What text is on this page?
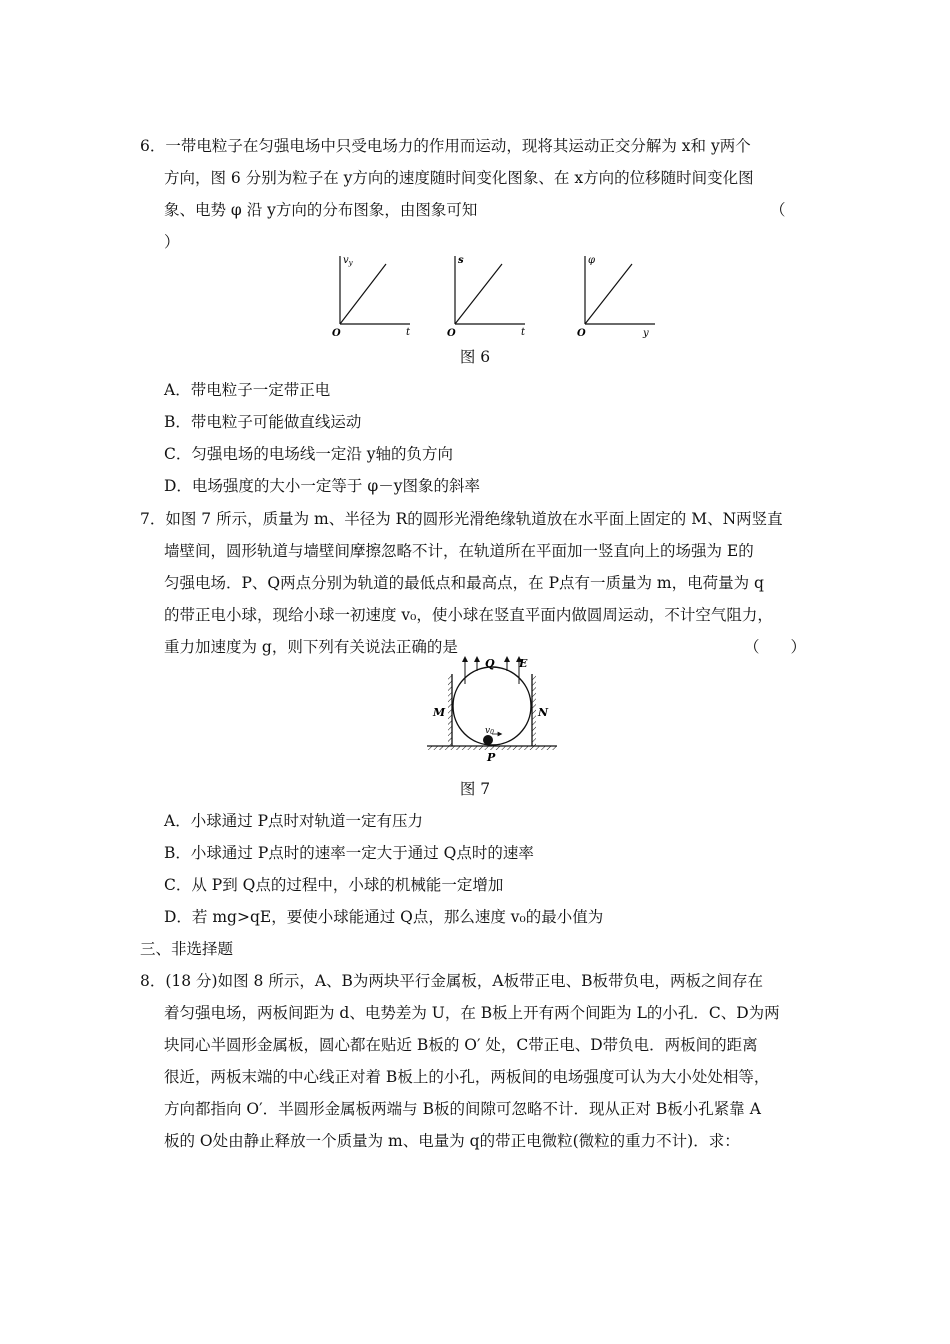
6．一带电粒子在匀强电场中只受电场力的作用而运动，现将其运动正交分解为 x和 y两个
方向，图 6 分别为粒子在 y方向的速度随时间变化图象、在 x方向的位移随时间变化图
象、电势 φ 沿 y方向的分布图象，由图象可知	（
）
$v_y$
t
O
s
t
O
φ
y
O
图 6
A．带电粒子一定带正电
B．带电粒子可能做直线运动
C．匀强电场的电场线一定沿 y轴的负方向
D．电场强度的大小一定等于 φ－y图象的斜率
7．如图 7 所示，质量为 m、半径为 R的圆形光滑绝缘轨道放在水平面上固定的 M、N两竖直
墙壁间，圆形轨道与墙壁间摩擦忽略不计，在轨道所在平面加一竖直向上的场强为 E的
匀强电场．P、Q两点分别为轨道的最低点和最高点，在 P点有一质量为 m，电荷量为 q
的带正电小球，现给小球一初速度 v₀，使小球在竖直平面内做圆周运动，不计空气阻力，
重力加速度为 g，则下列有关说法正确的是	（　　）
Q E
M	N
P
v0
图 7
A．小球通过 P点时对轨道一定有压力
B．小球通过 P点时的速率一定大于通过 Q点时的速率
C．从 P到 Q点的过程中，小球的机械能一定增加
D．若 mg>qE，要使小球能通过 Q点，那么速度 v₀的最小值为
三、非选择题
8．(18 分)如图 8 所示，A、B为两块平行金属板，A板带正电、B板带负电，两板之间存在
着匀强电场，两板间距为 d、电势差为 U，在 B板上开有两个间距为 L的小孔．C、D为两
块同心半圆形金属板，圆心都在贴近 B板的 O′ 处，C带正电、D带负电．两板间的距离
很近，两板末端的中心线正对着 B板上的小孔，两板间的电场强度可认为大小处处相等，
方向都指向 O′．半圆形金属板两端与 B板的间隙可忽略不计．现从正对 B板小孔紧靠 A
板的 O处由静止释放一个质量为 m、电量为 q的带正电微粒(微粒的重力不计)．求：
